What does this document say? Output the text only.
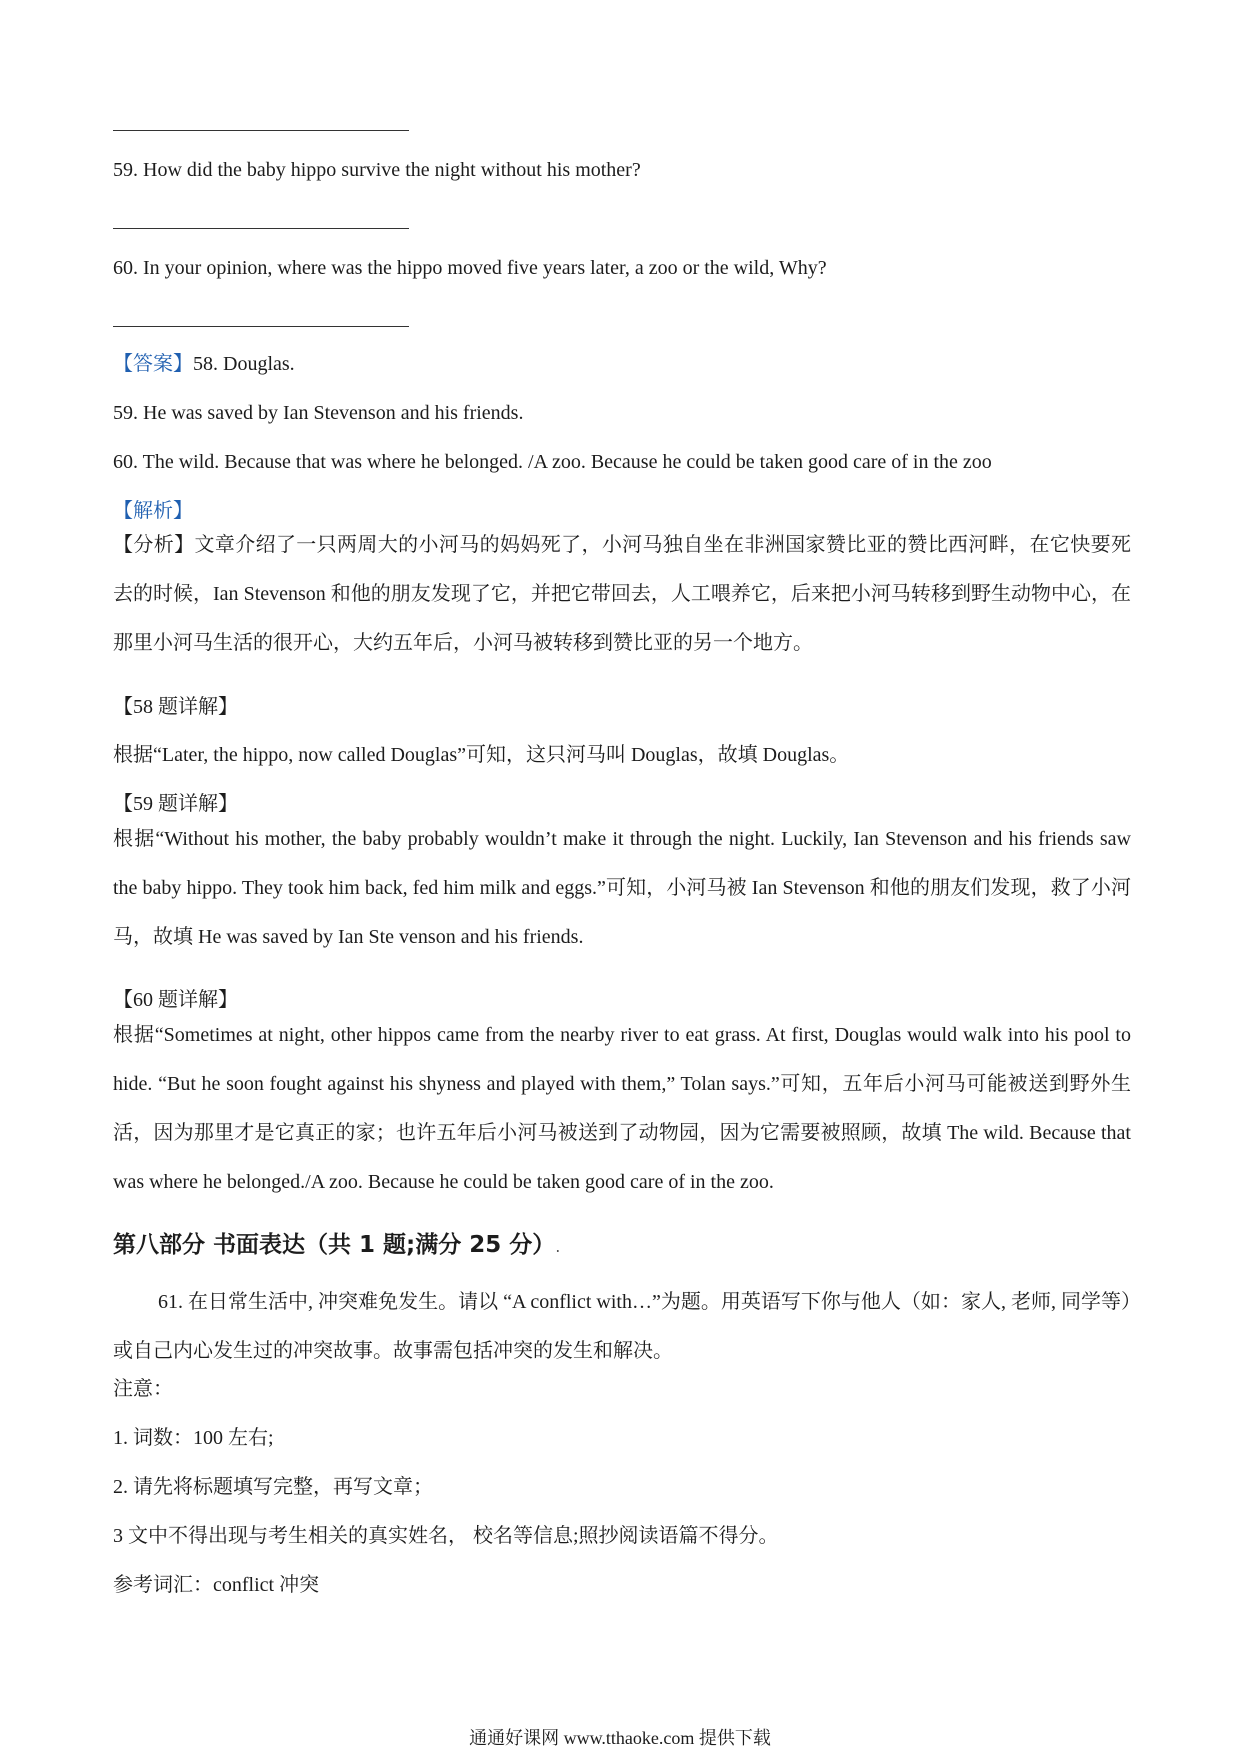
59. How did the baby hippo survive the night without his mother?
60. In your opinion, where was the hippo moved five years later, a zoo or the wild, Why?
【答案】58. Douglas.
59. He was saved by Ian Stevenson and his friends.
60. The wild. Because that was where he belonged. /A zoo. Because he could be taken good care of in the zoo
【解析】
【分析】文章介绍了一只两周大的小河马的妈妈死了，小河马独自坐在非洲国家赞比亚的赞比西河畔，在它快要死去的时候，Ian Stevenson 和他的朋友发现了它，并把它带回去，人工喂养它，后来把小河马转移到野生动物中心，在那里小河马生活的很开心，大约五年后，小河马被转移到赞比亚的另一个地方。
【58 题详解】
根据“Later, the hippo, now called Douglas”可知，这只河马叫 Douglas，故填 Douglas。
【59 题详解】
根据“Without his mother, the baby probably wouldn’t make it through the night. Luckily, Ian Stevenson and his friends saw the baby hippo. They took him back, fed him milk and eggs.”可知，小河马被 Ian Stevenson 和他的朋友们发现，救了小河马，故填 He was saved by Ian Ste venson and his friends.
【60 题详解】
根据“Sometimes at night, other hippos came from the nearby river to eat grass. At first, Douglas would walk into his pool to hide. “But he soon fought against his shyness and played with them,” Tolan says.”可知，五年后小河马可能被送到野外生活，因为那里才是它真正的家；也许五年后小河马被送到了动物园，因为它需要被照顾，故填 The wild. Because that was where he belonged./A zoo. Because he could be taken good care of in the zoo.
第八部分 书面表达（共 1 题;满分 25 分）.
61. 在日常生活中, 冲突难免发生。请以 “A conflict with…”为题。用英语写下你与他人（如：家人, 老师, 同学等）或自己内心发生过的冲突故事。故事需包括冲突的发生和解决。
注意：
1. 词数：100 左右;
2. 请先将标题填写完整，再写文章；
3 文中不得出现与考生相关的真实姓名， 校名等信息;照抄阅读语篇不得分。
参考词汇：conflict 冲突
通通好课网 www.tthaoke.com 提供下载
